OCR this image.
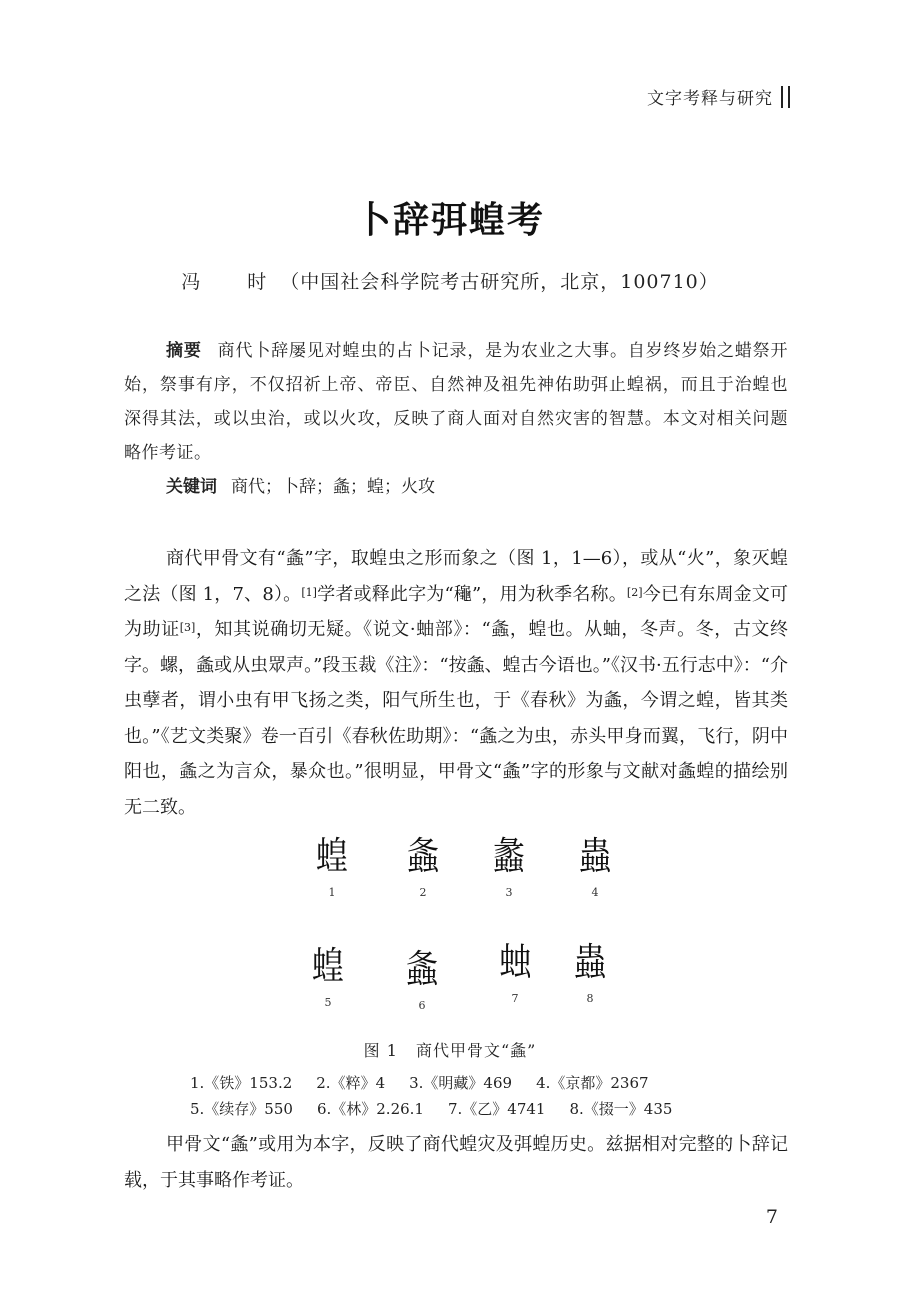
文字考释与研究
卜辞弭蝗考
冯　时（中国社会科学院考古研究所，北京，100710）
摘要 商代卜辞屡见对蝗虫的占卜记录，是为农业之大事。自岁终岁始之蜡祭开始，祭事有序，不仅招祈上帝、帝臣、自然神及祖先神佑助弭止蝗祸，而且于治蝗也深得其法，或以虫治，或以火攻，反映了商人面对自然灾害的智慧。本文对相关问题略作考证。
关键词 商代；卜辞；螽；蝗；火攻
商代甲骨文有“螽”字，取蝗虫之形而象之（图 1，1—6），或从“火”，象灭蝗之法（图 1，7、8）。[1]学者或释此字为“龝”，用为秋季名称。[2]今已有东周金文可为助证[3]，知其说确切无疑。《说文·蚰部》：“螽，蝗也。从蚰，冬声。冬，古文终字。螺，螽或从虫眾声。”段玉裁《注》：“按螽、蝗古今语也。”《汉书·五行志中》：“介虫孽者，谓小虫有甲飞扬之类，阳气所生也，于《春秋》为螽，今谓之蝗，皆其类也。”《艺文类聚》卷一百引《春秋佐助期》：“螽之为虫，赤头甲身而翼，飞行，阴中阳也，螽之为言众，暴众也。”很明显，甲骨文“螽”字的形象与文献对螽蝗的描绘别无二致。
蝗
1
螽
2
蠡
3
蟲
4
蝗
5
螽
6
䖵
7
蟲
8
图 1 商代甲骨文“螽”
1.《铁》153.2 2.《粹》4 3.《明藏》469 4.《京都》2367
5.《续存》550 6.《林》2.26.1 7.《乙》4741 8.《掇一》435
甲骨文“螽”或用为本字，反映了商代蝗灾及弭蝗历史。兹据相对完整的卜辞记载，于其事略作考证。
7
